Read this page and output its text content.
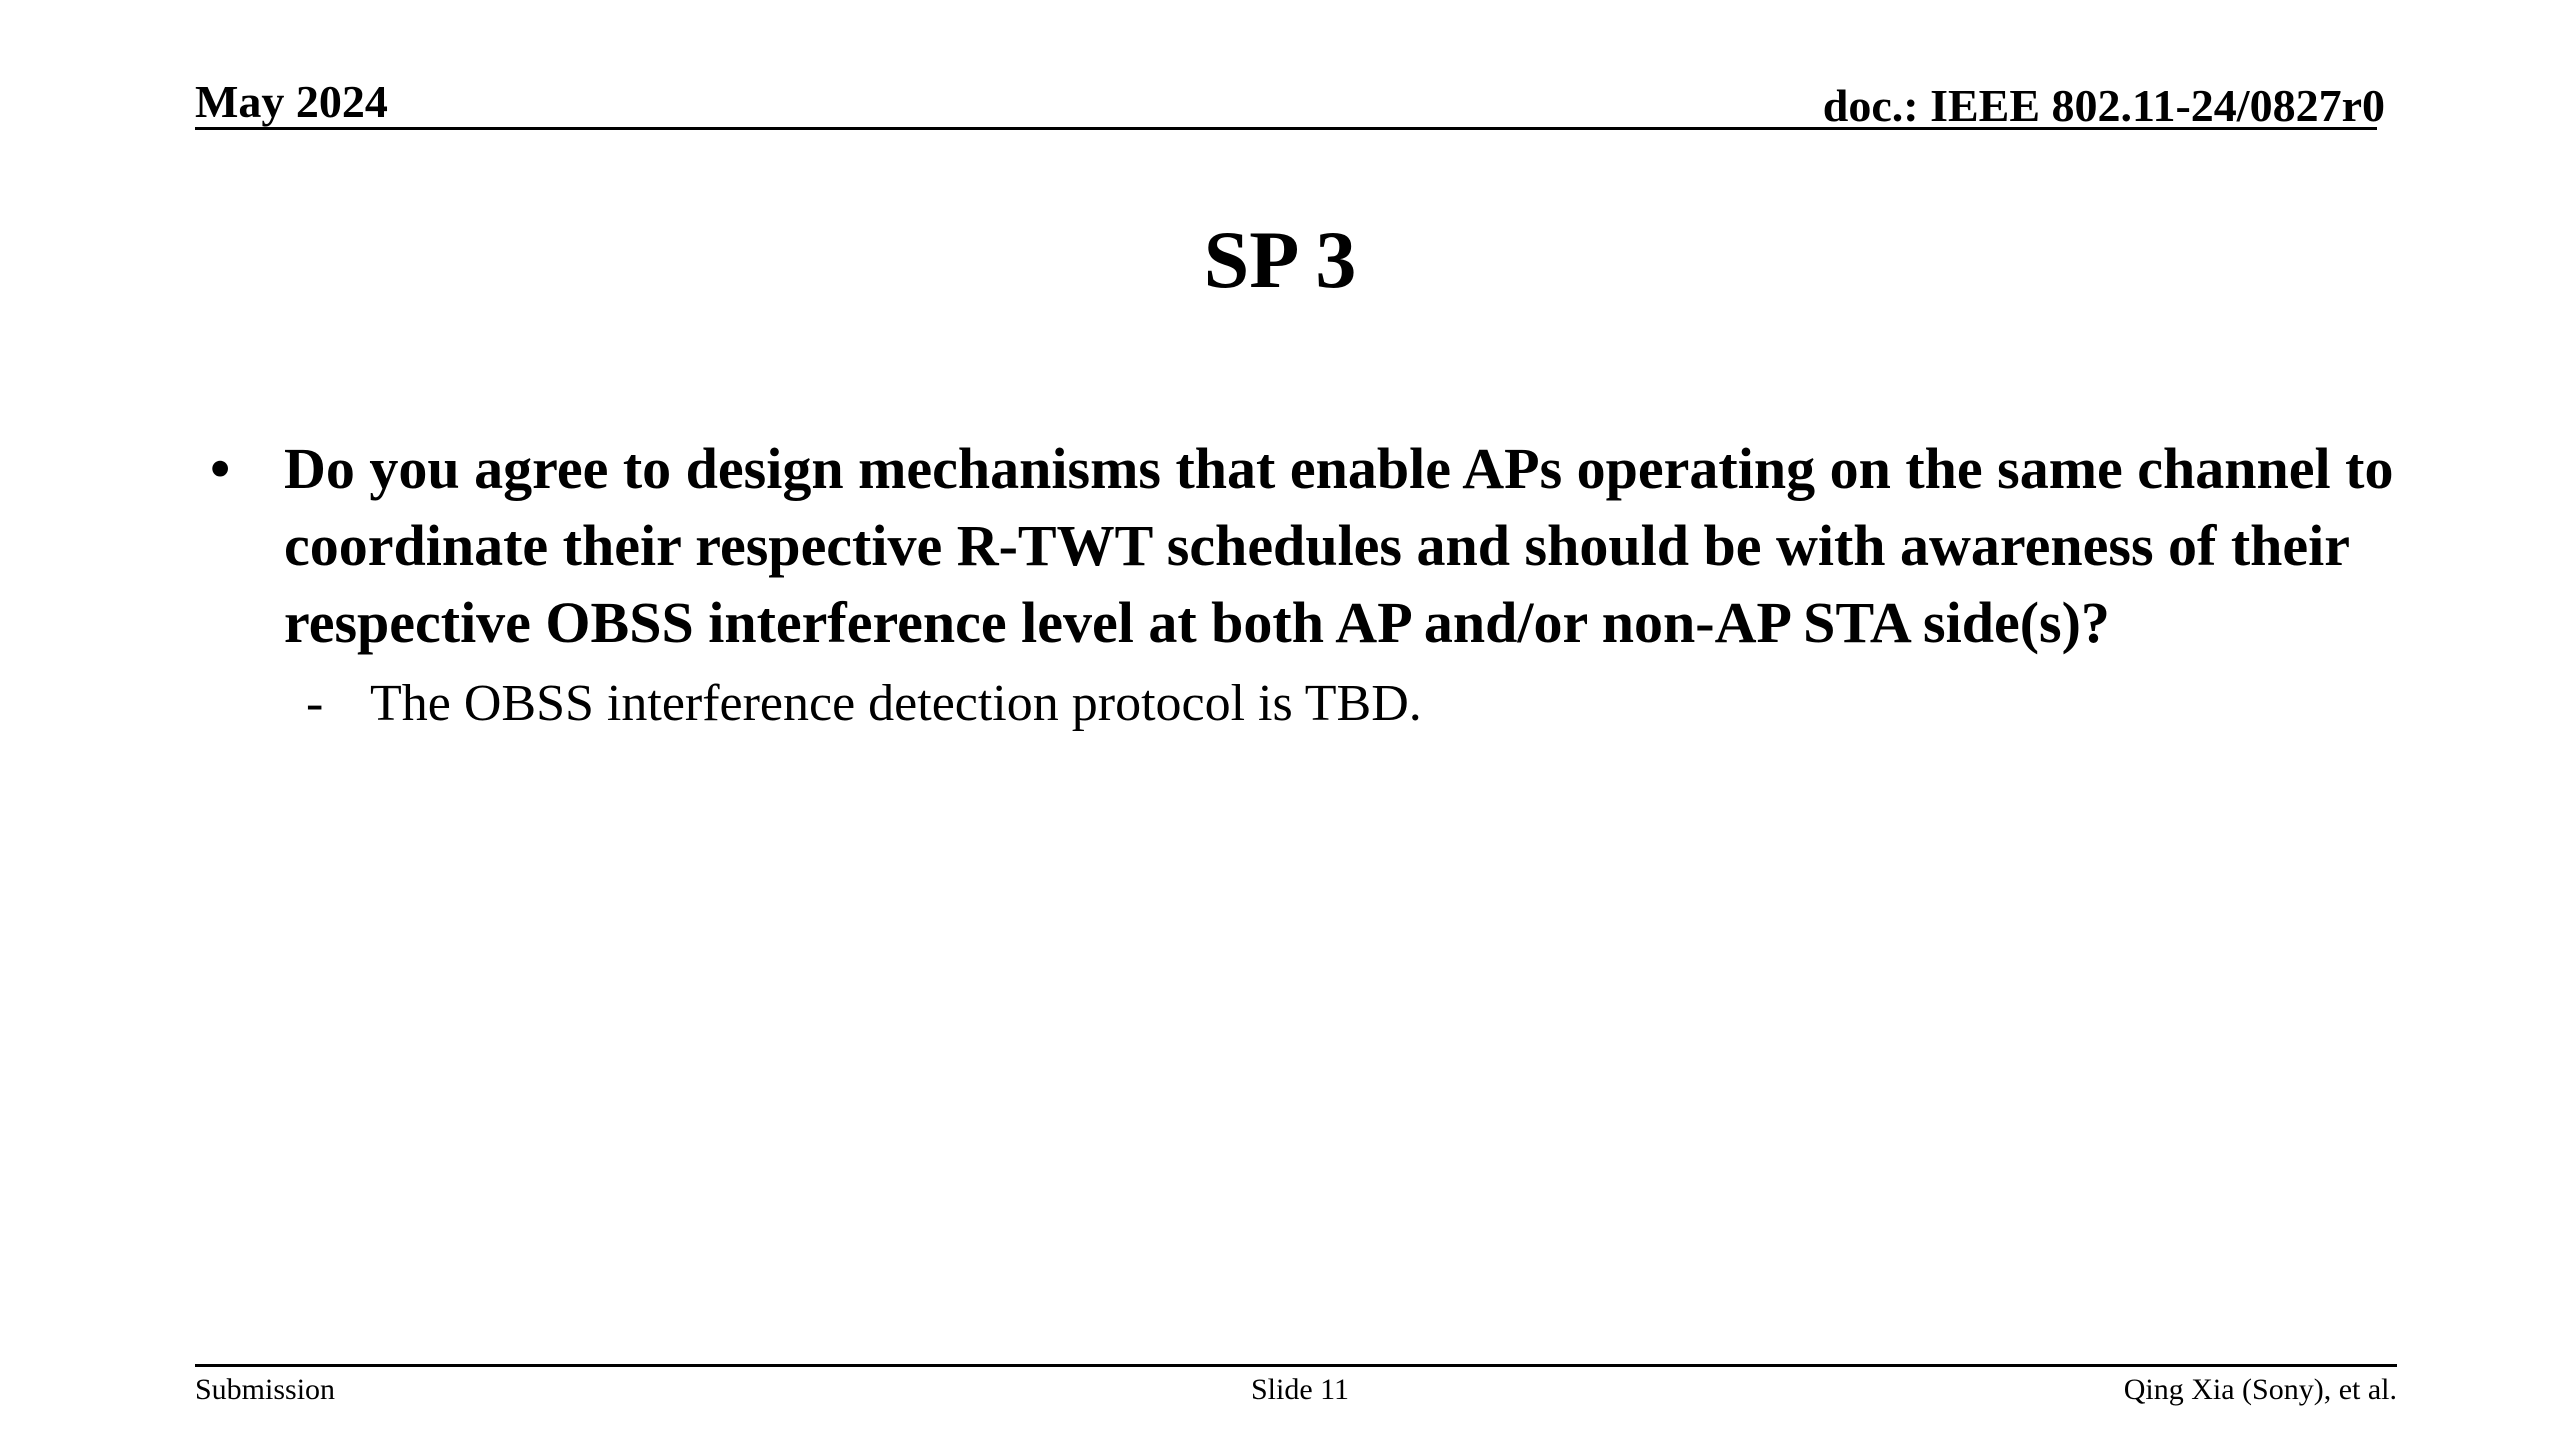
May 2024	doc.: IEEE 802.11-24/0827r0
SP 3
• Do you agree to design mechanisms that enable APs operating on the same channel to coordinate their respective R-TWT schedules and should be with awareness of their respective OBSS interference level at both AP and/or non-AP STA side(s)?
- The OBSS interference detection protocol is TBD.
Submission	Slide 11	Qing Xia (Sony), et al.
